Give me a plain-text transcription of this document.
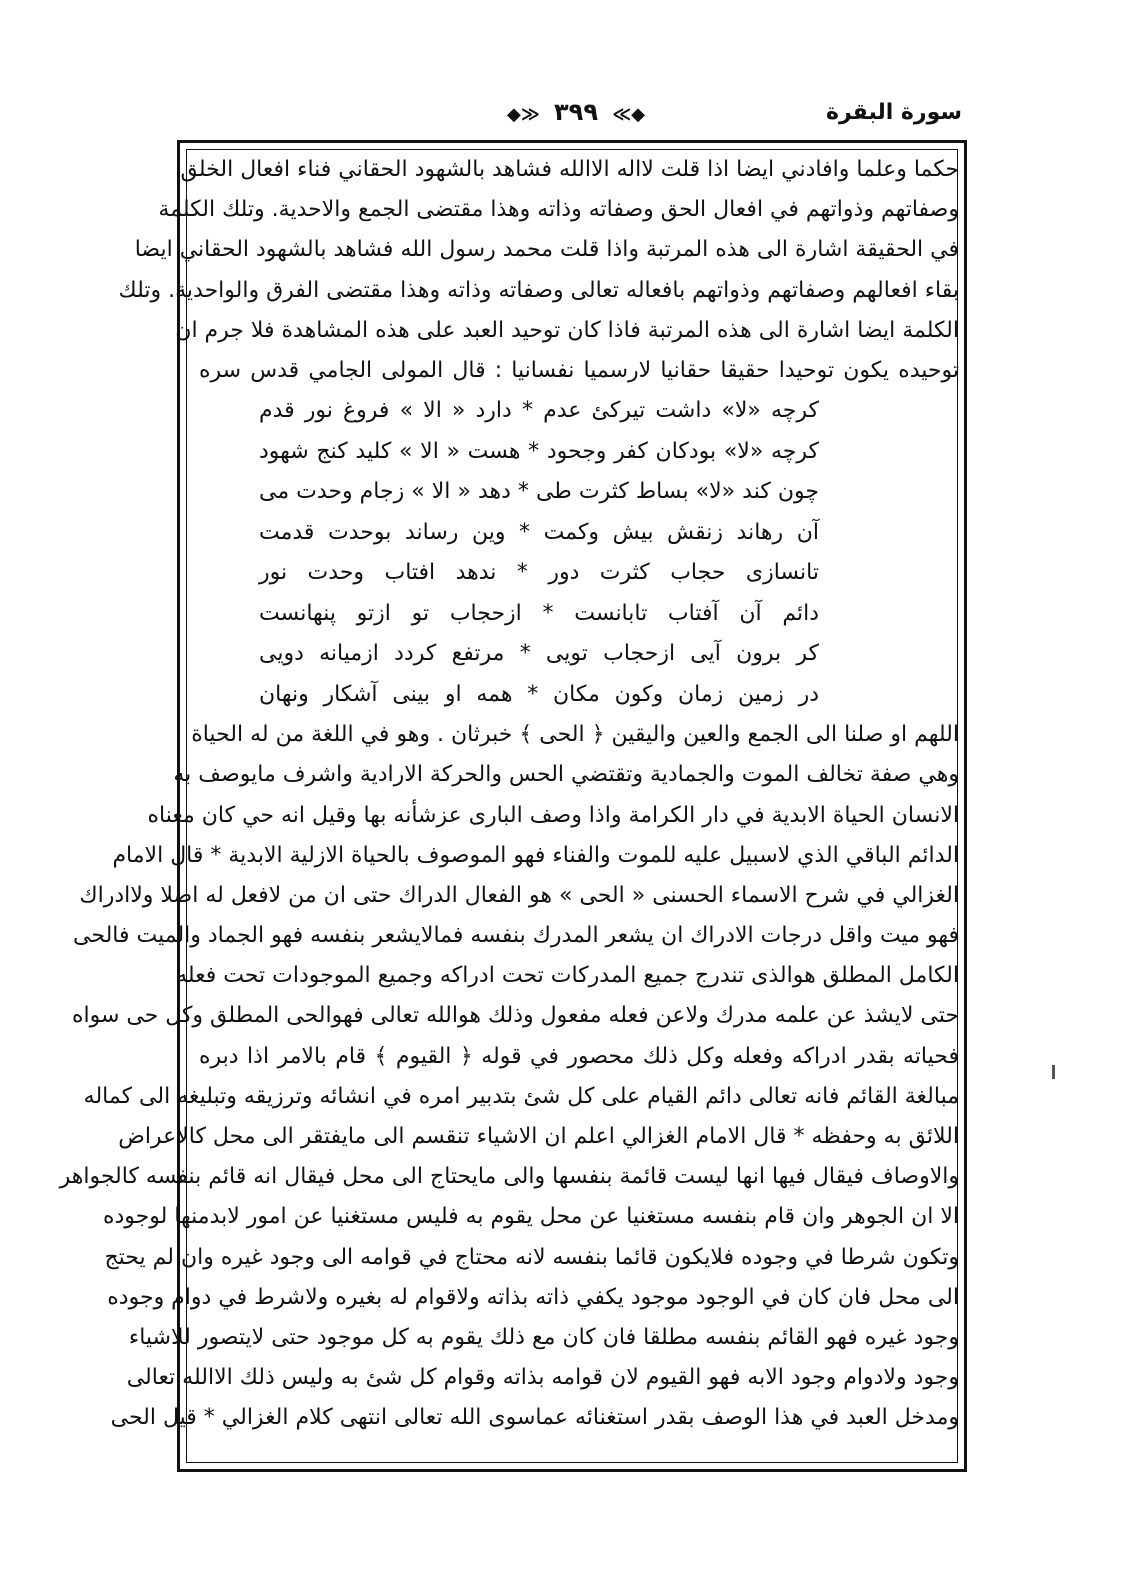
سورة البقرة
◆≫ ٣٩٩ ≪◆
حكما وعلما وافادني ايضا اذا قلت لااله الاالله فشاهد بالشهود الحقاني فناء افعال الخلق
وصفاتهم وذواتهم في افعال الحق وصفاته وذاته وهذا مقتضى الجمع والاحدية. وتلك الكلمة
في الحقيقة اشارة الى هذه المرتبة واذا قلت محمد رسول الله فشاهد بالشهود الحقاني ايضا
بقاء افعالهم وصفاتهم وذواتهم بافعاله تعالى وصفاته وذاته وهذا مقتضى الفرق والواحدية. وتلك
الكلمة ايضا اشارة الى هذه المرتبة فاذا كان توحيد العبد على هذه المشاهدة فلا جرم ان
توحيده يكون توحيدا حقيقا حقانيا لارسميا نفسانيا : قال المولى الجامي قدس سره
كرچه «لا» داشت تيركئ عدم * دارد « الا » فروغ نور قدم
كرچه «لا» بودكان كفر وجحود * هست « الا » كليد كنج شهود
چون كند «لا» بساط كثرت طى * دهد « الا » زجام وحدت مى
آن رهاند زنقش بيش وكمت * وين رساند بوحدت قدمت
تانسازى حجاب كثرت دور * ندهد افتاب وحدت نور
دائم آن آفتاب تابانست * ازحجاب تو ازتو پنهانست
كر برون آيى ازحجاب تويى * مرتفع كردد ازميانه دويى
در زمين زمان وكون مكان * همه او بينى آشكار ونهان
اللهم او صلنا الى الجمع والعين واليقين ﴿ الحى ﴾ خبرثان . وهو في اللغة من له الحياة
وهي صفة تخالف الموت والجمادية وتقتضي الحس والحركة الارادية واشرف مايوصف به
الانسان الحياة الابدية في دار الكرامة واذا وصف البارى عزشأنه بها وقيل انه حي كان معناه
الدائم الباقي الذي لاسبيل عليه للموت والفناء فهو الموصوف بالحياة الازلية الابدية * قال الامام
الغزالي في شرح الاسماء الحسنى « الحى » هو الفعال الدراك حتى ان من لافعل له اصلا ولاادراك
فهو ميت واقل درجات الادراك ان يشعر المدرك بنفسه فمالايشعر بنفسه فهو الجماد والميت فالحى
الكامل المطلق هوالذى تندرج جميع المدركات تحت ادراكه وجميع الموجودات تحت فعله
حتى لايشذ عن علمه مدرك ولاعن فعله مفعول وذلك هوالله تعالى فهوالحى المطلق وكل حى سواه
فحياته بقدر ادراكه وفعله وكل ذلك محصور في قوله ﴿ القيوم ﴾ قام بالامر اذا دبره
مبالغة القائم فانه تعالى دائم القيام على كل شئ بتدبير امره في انشائه وترزيقه وتبليغه الى كماله
اللائق به وحفظه * قال الامام الغزالي اعلم ان الاشياء تنقسم الى مايفتقر الى محل كالاعراض
والاوصاف فيقال فيها انها ليست قائمة بنفسها والى مايحتاج الى محل فيقال انه قائم بنفسه كالجواهر
الا ان الجوهر وان قام بنفسه مستغنيا عن محل يقوم به فليس مستغنيا عن امور لابدمنها لوجوده
وتكون شرطا في وجوده فلايكون قائما بنفسه لانه محتاج في قوامه الى وجود غيره وان لم يحتج
الى محل فان كان في الوجود موجود يكفي ذاته بذاته ولاقوام له بغيره ولاشرط في دوام وجوده
وجود غيره فهو القائم بنفسه مطلقا فان كان مع ذلك يقوم به كل موجود حتى لايتصور للاشياء
وجود ولادوام وجود الابه فهو القيوم لان قوامه بذاته وقوام كل شئ به وليس ذلك الاالله تعالى
ومدخل العبد في هذا الوصف بقدر استغنائه عماسوى الله تعالى انتهى كلام الغزالي * قيل الحى
